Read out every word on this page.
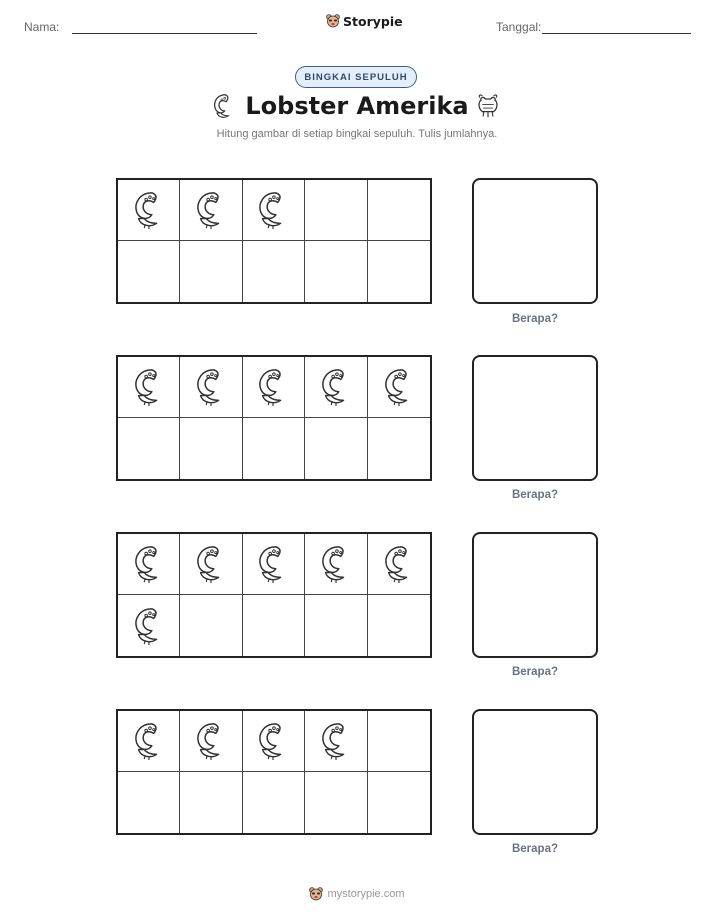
Nama:	Storypie	Tanggal:
BINGKAI SEPULUH
Lobster Amerika
Hitung gambar di setiap bingkai sepuluh. Tulis jumlahnya.
Berapa?
Berapa?
Berapa?
Berapa?
mystorypie.com
